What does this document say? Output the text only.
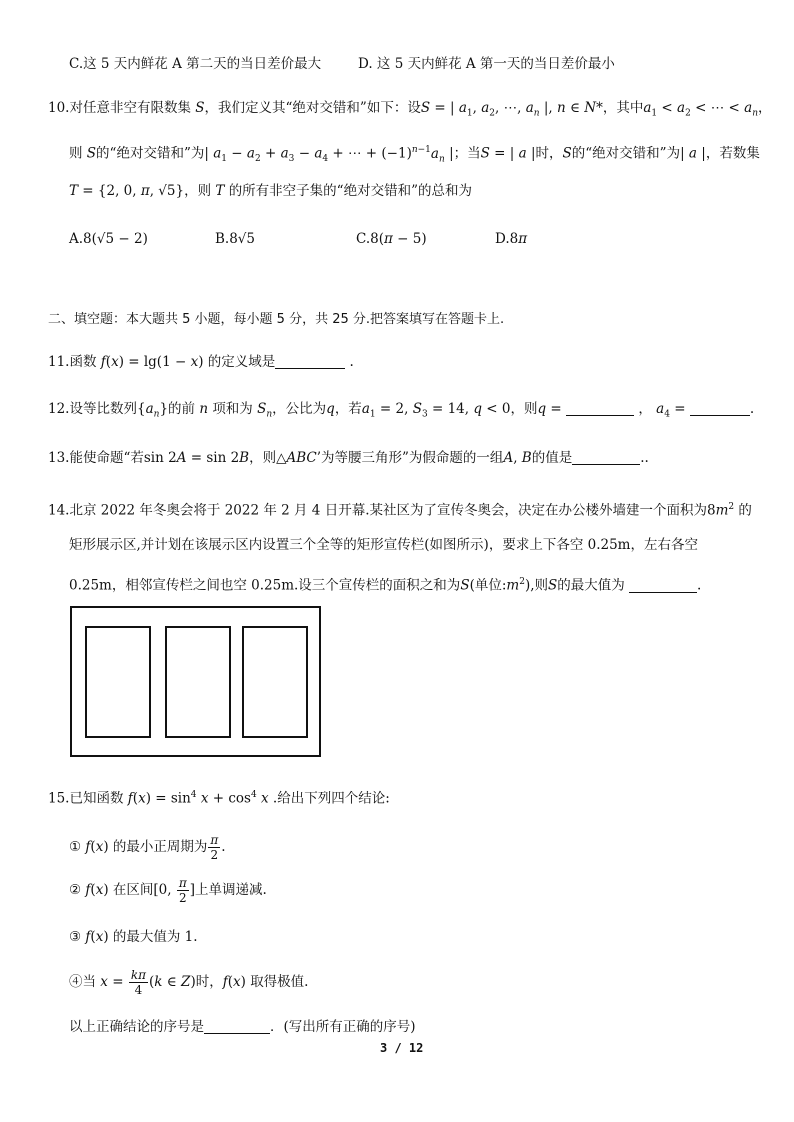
C.这 5 天内鲜花 A 第二天的当日差价最大	D. 这 5 天内鲜花 A 第一天的当日差价最小
10.对任意非空有限数集 S，我们定义其“绝对交错和”如下：设S = | $a_1$, $a_2$, ⋯, $a_n$ |, n ∈ N*，其中$a_1 < a_2$ < ⋯ < $a_n$，
则 S的“绝对交错和”为| $a_1 - a_2 + a_3 - a_4$ + ⋯ + $(-1)^{n-1}a_n$ |；当S = | a |时，S的“绝对交错和”为| a |，若数集
T = {2, 0, π, √5}，则 T 的所有非空子集的“绝对交错和”的总和为
A.8(√5 − 2)	B.8√5	C.8(π − 5)	D.8π
二、填空题：本大题共 5 小题，每小题 5 分，共 25 分.把答案填写在答题卡上.
11.函数 f(x) = lg(1 − x) 的定义域是	.
12.设等比数列$\{a_n\}$的前 n 项和为 $S_n$，公比为q，若$a_1 = 2$, $S_3 = 14$, q < 0，则q =	， $a_4$ =	.
13.能使命题“若sin 2A = sin 2B，则△ABC’为等腰三角形”为假命题的一组A, B的值是	..
14.北京 2022 年冬奥会将于 2022 年 2 月 4 日开幕.某社区为了宣传冬奥会，决定在办公楼外墙建一个面积为$8m^2$ 的
矩形展示区,并计划在该展示区内设置三个全等的矩形宣传栏(如图所示)，要求上下各空 0.25m，左右各空
0.25m，相邻宣传栏之间也空 0.25m.设三个宣传栏的面积之和为S(单位$:m^2$),则S的最大值为	.
15.已知函数 $f(x) = \sin^4 x + \cos^4 x$ .给出下列四个结论:
① f(x) 的最小正周期为 $\frac{\pi}{2}$ .
② f(x) 在区间[0, $\frac{\pi}{2}$ ]上单调递减.
③ f(x) 的最大值为 1.
④当 $x = \frac{k\pi}{4} (k$ ∈ Z)时，f(x) 取得极值.
以上正确结论的序号是	．(写出所有正确的序号)
3 / 12
